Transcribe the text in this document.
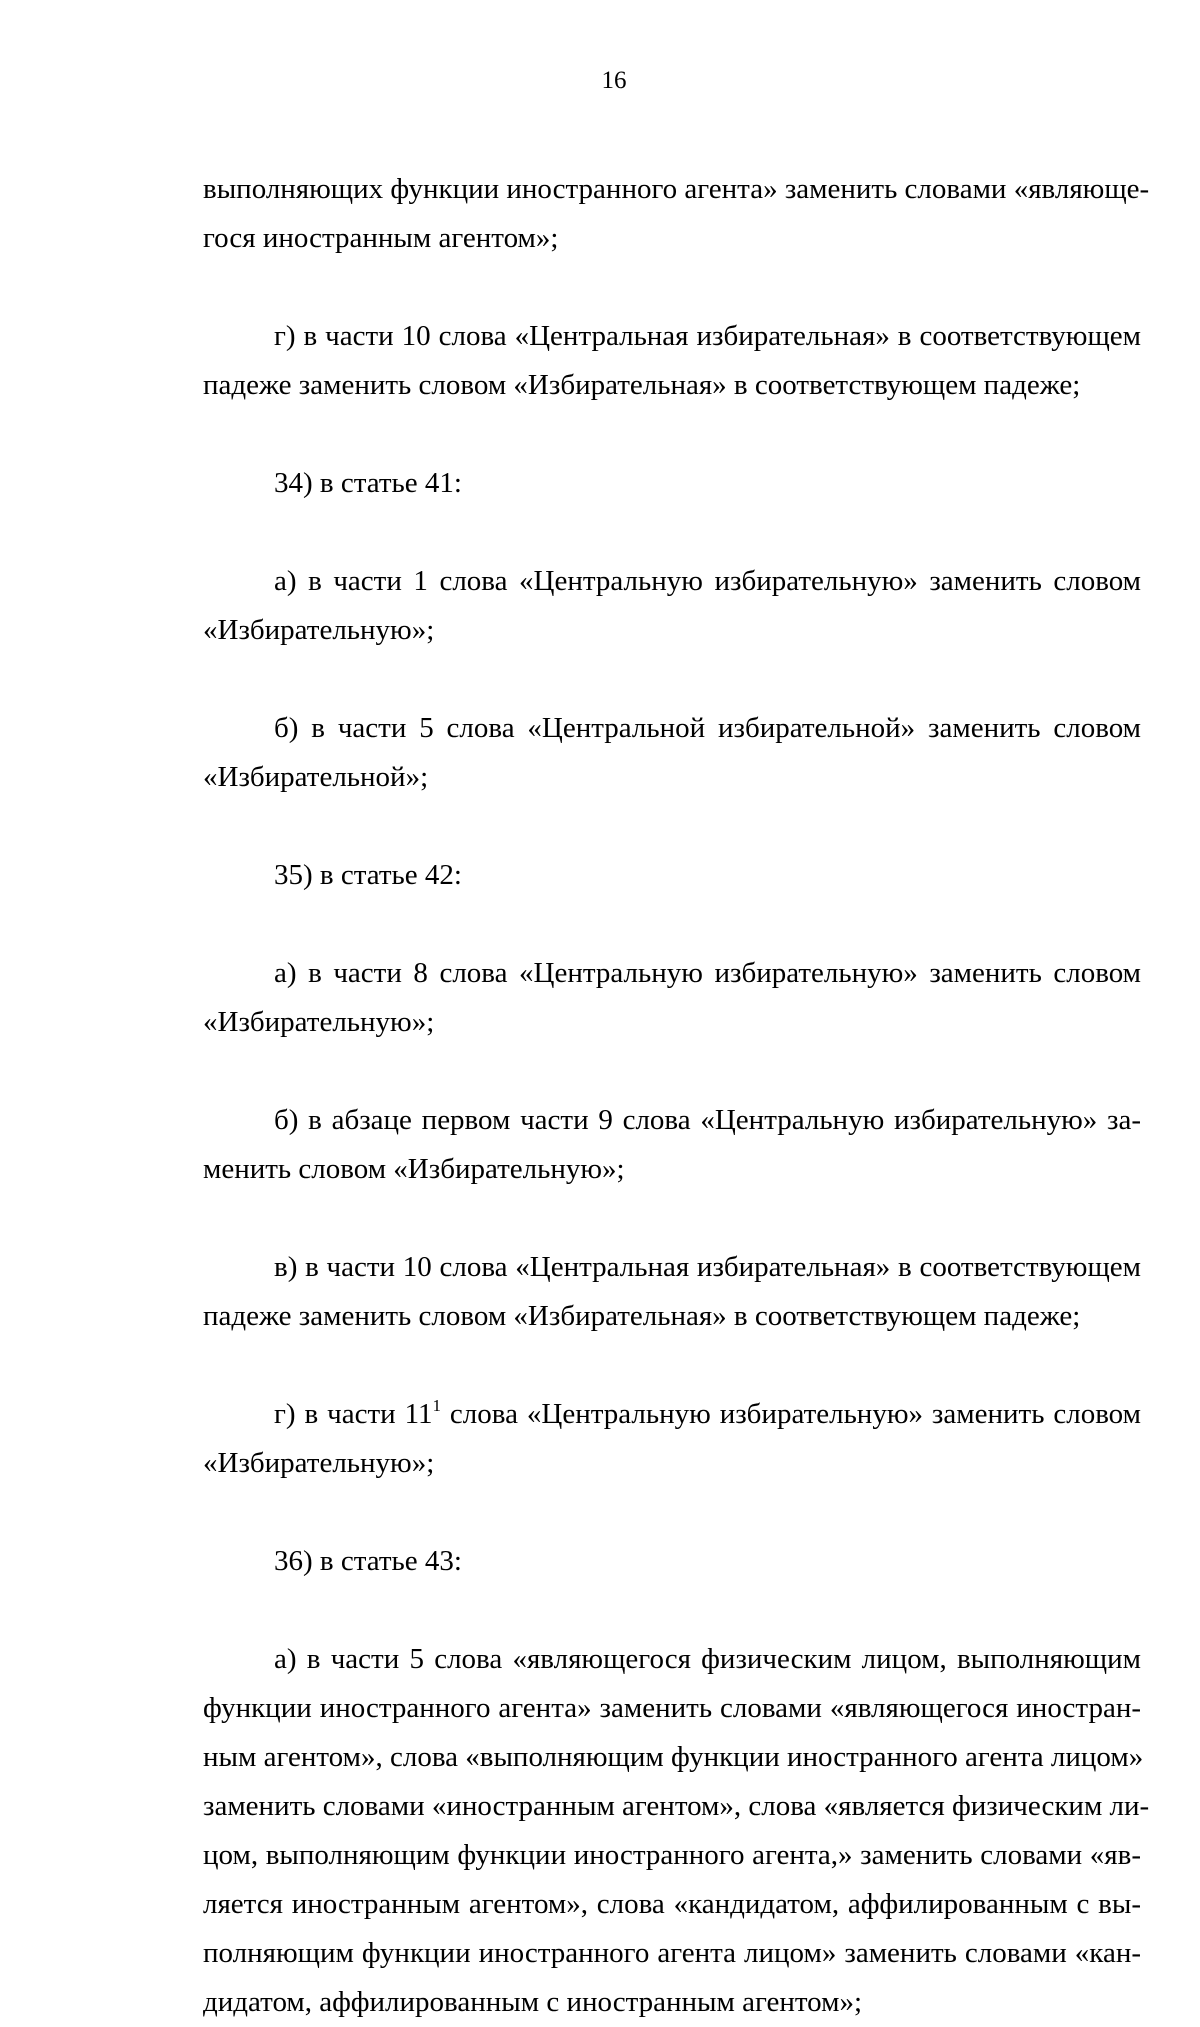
16
выполняющих функции иностранного агента» заменить словами «являюще-
гося иностранным агентом»;
г) в части 10 слова «Центральная избирательная» в соответствующем
падеже заменить словом «Избирательная» в соответствующем падеже;
34) в статье 41:
а) в части 1 слова «Центральную избирательную» заменить словом
«Избирательную»;
б) в части 5 слова «Центральной избирательной» заменить словом
«Избирательной»;
35) в статье 42:
а) в части 8 слова «Центральную избирательную» заменить словом
«Избирательную»;
б) в абзаце первом части 9 слова «Центральную избирательную» за-
менить словом «Избирательную»;
в) в части 10 слова «Центральная избирательная» в соответствующем
падеже заменить словом «Избирательная» в соответствующем падеже;
г) в части $11^1$ слова «Центральную избирательную» заменить словом
«Избирательную»;
36) в статье 43:
а) в части 5 слова «являющегося физическим лицом, выполняющим
функции иностранного агента» заменить словами «являющегося иностран-
ным агентом», слова «выполняющим функции иностранного агента лицом»
заменить словами «иностранным агентом», слова «является физическим ли-
цом, выполняющим функции иностранного агента,» заменить словами «яв-
ляется иностранным агентом», слова «кандидатом, аффилированным с вы-
полняющим функции иностранного агента лицом» заменить словами «кан-
дидатом, аффилированным с иностранным агентом»;
